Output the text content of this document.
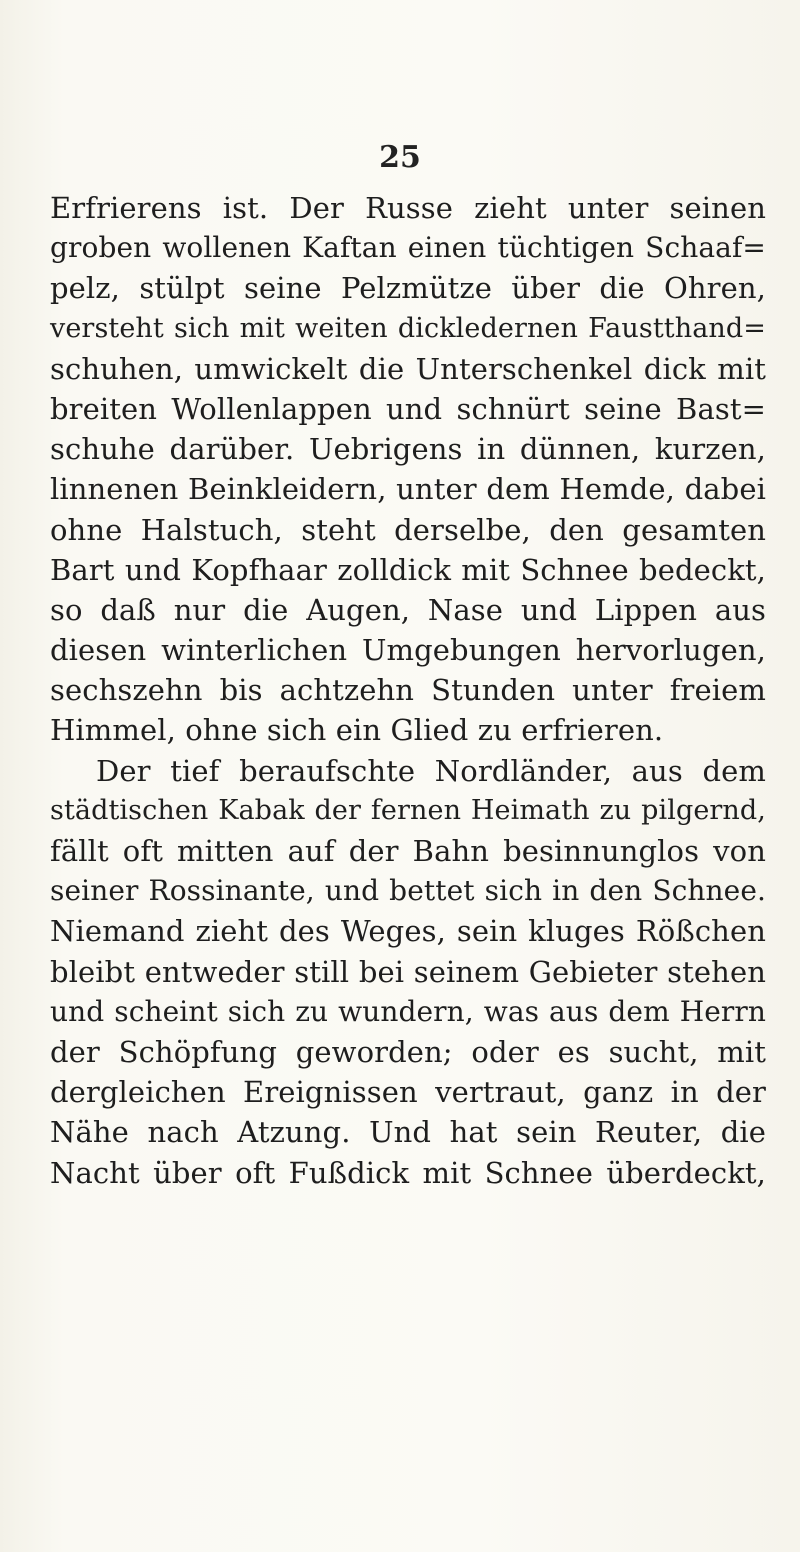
25
Erfrierens ist. Der Russe zieht unter seinen
groben wollenen Kaftan einen tüchtigen Schaaf=
pelz, stülpt seine Pelzmütze über die Ohren,
versteht sich mit weiten dickledernen Faustthand=
schuhen, umwickelt die Unterschenkel dick mit
breiten Wollenlappen und schnürt seine Bast=
schuhe darüber. Uebrigens in dünnen, kurzen,
linnenen Beinkleidern, unter dem Hemde, dabei
ohne Halstuch, steht derselbe, den gesamten
Bart und Kopfhaar zolldick mit Schnee bedeckt,
so daß nur die Augen, Nase und Lippen aus
diesen winterlichen Umgebungen hervorlugen,
sechszehn bis achtzehn Stunden unter freiem
Himmel, ohne sich ein Glied zu erfrieren.
Der tief beraufschte Nordländer, aus dem
städtischen Kabak der fernen Heimath zu pilgernd,
fällt oft mitten auf der Bahn besinnunglos von
seiner Rossinante, und bettet sich in den Schnee.
Niemand zieht des Weges, sein kluges Rößchen
bleibt entweder still bei seinem Gebieter stehen
und scheint sich zu wundern, was aus dem Herrn
der Schöpfung geworden; oder es sucht, mit
dergleichen Ereignissen vertraut, ganz in der
Nähe nach Atzung. Und hat sein Reuter, die
Nacht über oft Fußdick mit Schnee überdeckt,
